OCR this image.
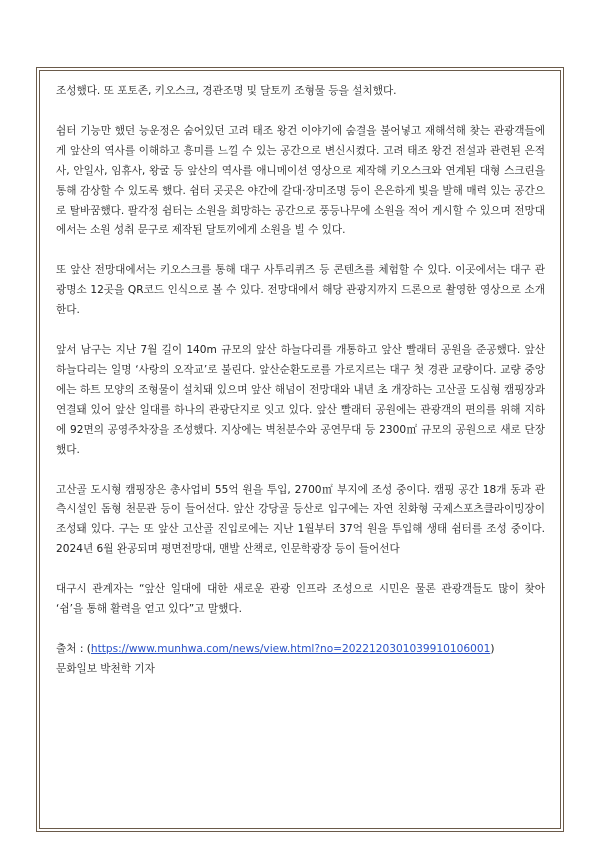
조성했다. 또 포토존, 키오스크, 경관조명 및 달토끼 조형물 등을 설치했다.

쉼터 기능만 했던 능운정은 숨어있던 고려 태조 왕건 이야기에 숨결을 불어넣고 재해석해 찾는 관광객들에게 앞산의 역사를 이해하고 흥미를 느낄 수 있는 공간으로 변신시켰다. 고려 태조 왕건 전설과 관련된 은적사, 안일사, 임휴사, 왕굴 등 앞산의 역사를 애니메이션 영상으로 제작해 키오스크와 연계된 대형 스크린을 통해 감상할 수 있도록 했다. 쉼터 곳곳은 야간에 갈대·장미조명 등이 은은하게 빛을 발해 매력 있는 공간으로 탈바꿈했다. 팔각정 쉼터는 소원을 희망하는 공간으로 풍등나무에 소원을 적어 게시할 수 있으며 전망대에서는 소원 성취 문구로 제작된 달토끼에게 소원을 빌 수 있다.

또 앞산 전망대에서는 키오스크를 통해 대구 사투리퀴즈 등 콘텐츠를 체험할 수 있다. 이곳에서는 대구 관광명소 12곳을 QR코드 인식으로 볼 수 있다. 전망대에서 해당 관광지까지 드론으로 촬영한 영상으로 소개한다.

앞서 남구는 지난 7월 길이 140m 규모의 앞산 하늘다리를 개통하고 앞산 빨래터 공원을 준공했다. 앞산 하늘다리는 일명 ‘사랑의 오작교’로 불린다. 앞산순환도로를 가로지르는 대구 첫 경관 교량이다. 교량 중앙에는 하트 모양의 조형물이 설치돼 있으며 앞산 해넘이 전망대와 내년 초 개장하는 고산골 도심형 캠핑장과 연결돼 있어 앞산 일대를 하나의 관광단지로 잇고 있다. 앞산 빨래터 공원에는 관광객의 편의를 위해 지하에 92면의 공영주차장을 조성했다. 지상에는 벽천분수와 공연무대 등 2300㎡ 규모의 공원으로 새로 단장했다.

고산골 도시형 캠핑장은 총사업비 55억 원을 투입, 2700㎡ 부지에 조성 중이다. 캠핑 공간 18개 동과 관측시설인 돔형 천문관 등이 들어선다. 앞산 강당골 등산로 입구에는 자연 친화형 국제스포츠클라이밍장이 조성돼 있다. 구는 또 앞산 고산골 진입로에는 지난 1월부터 37억 원을 투입해 생태 쉼터를 조성 중이다. 2024년 6월 완공되며 평면전망대, 맨발 산책로, 인문학광장 등이 들어선다

대구시 관계자는 “앞산 일대에 대한 새로운 관광 인프라 조성으로 시민은 물론 관광객들도 많이 찾아 ‘쉼’을 통해 활력을 얻고 있다”고 말했다.

출처 : (https://www.munhwa.com/news/view.html?no=2022120301039910106001)

문화일보 박천학 기자
